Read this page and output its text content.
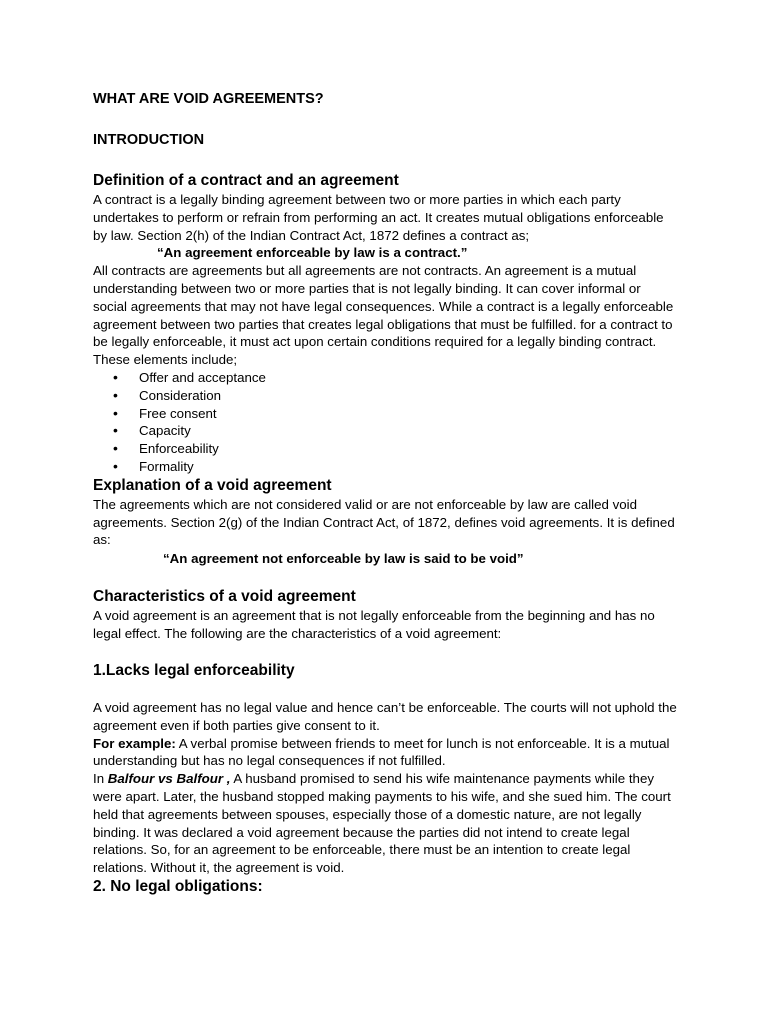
WHAT ARE VOID AGREEMENTS?
INTRODUCTION
Definition of a contract and an agreement

A contract is a legally binding agreement between two or more parties in which each party undertakes to perform or refrain from performing an act. It creates mutual obligations enforceable by law. Section 2(h) of the Indian Contract Act, 1872 defines a contract as;

“An agreement enforceable by law is a contract.”

All contracts are agreements but all agreements are not contracts. An agreement is a mutual understanding between two or more parties that is not legally binding. It can cover informal or social agreements that may not have legal consequences. While a contract is a legally enforceable agreement between two parties that creates legal obligations that must be fulfilled. for a contract to be legally enforceable, it must act upon certain conditions required for a legally binding contract. These elements include;

• Offer and acceptance
• Consideration
• Free consent
• Capacity
• Enforceability
• Formality
Explanation of a void agreement

The agreements which are not considered valid or are not enforceable by law are called void agreements. Section 2(g) of the Indian Contract Act, of 1872, defines void agreements. It is defined as:

“An agreement not enforceable by law is said to be void”

Characteristics of a void agreement

A void agreement is an agreement that is not legally enforceable from the beginning and has no legal effect. The following are the characteristics of a void agreement:

1.Lacks legal enforceability

A void agreement has no legal value and hence can’t be enforceable. The courts will not uphold the agreement even if both parties give consent to it.

For example: A verbal promise between friends to meet for lunch is not enforceable. It is a mutual understanding but has no legal consequences if not fulfilled.

In Balfour vs Balfour , A husband promised to send his wife maintenance payments while they were apart. Later, the husband stopped making payments to his wife, and she sued him. The court held that agreements between spouses, especially those of a domestic nature, are not legally binding. It was declared a void agreement because the parties did not intend to create legal relations. So, for an agreement to be enforceable, there must be an intention to create legal relations. Without it, the agreement is void.

2. No legal obligations:
